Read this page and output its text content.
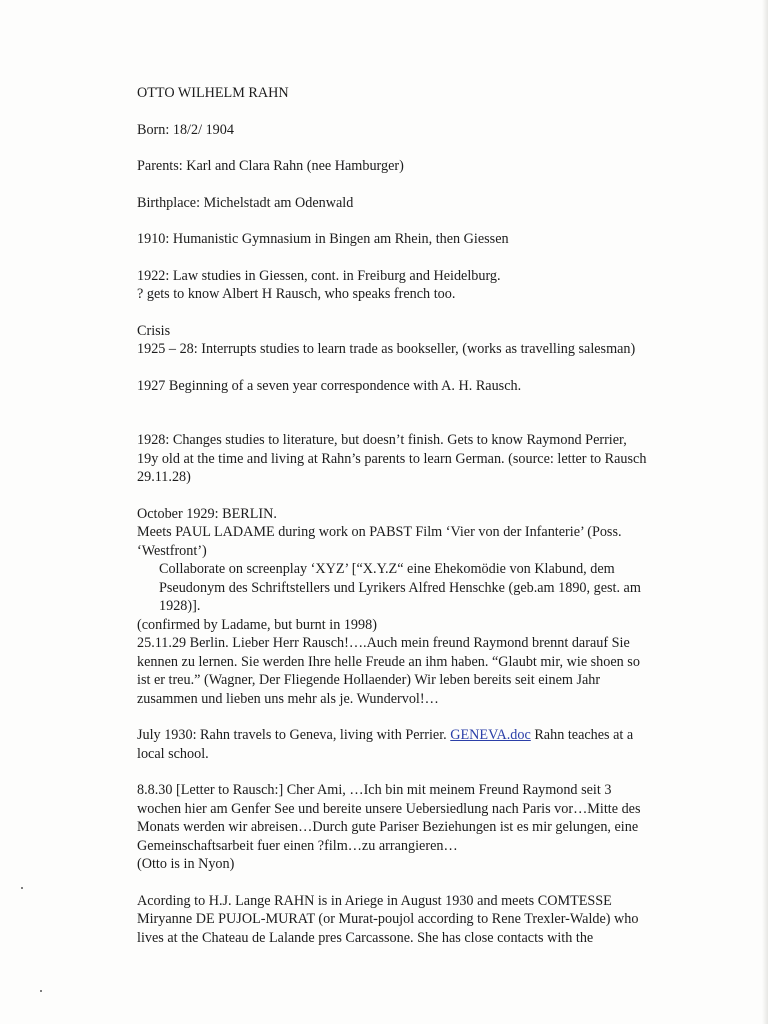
OTTO WILHELM RAHN

Born: 18/2/ 1904

Parents: Karl and Clara Rahn (nee Hamburger)

Birthplace: Michelstadt am Odenwald

1910: Humanistic Gymnasium in Bingen am Rhein, then Giessen

1922: Law studies in Giessen, cont. in Freiburg and Heidelburg.

? gets to know Albert H Rausch, who speaks french too.

Crisis

1925 – 28: Interrupts studies to learn trade as bookseller, (works as travelling salesman)

1927 Beginning of a seven year correspondence with A. H. Rausch.

1928: Changes studies to literature, but doesn’t finish. Gets to know Raymond Perrier, 19y old at the time and living at Rahn’s parents to learn German. (source: letter to Rausch 29.11.28)

October 1929: BERLIN.

Meets PAUL LADAME during work on PABST Film ‘Vier von der Infanterie’ (Poss. ‘Westfront’)

Collaborate on screenplay ‘XYZ’ [“X.Y.Z“ eine Ehekomödie von Klabund, dem Pseudonym des Schriftstellers und Lyrikers Alfred Henschke (geb.am 1890, gest. am 1928)].

(confirmed by Ladame, but burnt in 1998)

25.11.29 Berlin. Lieber Herr Rausch!….Auch mein freund Raymond brennt darauf Sie kennen zu lernen. Sie werden Ihre helle Freude an ihm haben. “Glaubt mir, wie shoen so ist er treu.” (Wagner, Der Fliegende Hollaender) Wir leben bereits seit einem Jahr zusammen und lieben uns mehr als je. Wundervol!…

July 1930: Rahn travels to Geneva, living with Perrier. GENEVA.doc Rahn teaches at a local school.

8.8.30 [Letter to Rausch:] Cher Ami, …Ich bin mit meinem Freund Raymond seit 3 wochen hier am Genfer See und bereite unsere Uebersiedlung nach Paris vor…Mitte des Monats werden wir abreisen…Durch gute Pariser Beziehungen ist es mir gelungen, eine Gemeinschaftsarbeit fuer einen ?film…zu arrangieren…

(Otto is in Nyon)

Acording to H.J. Lange RAHN is in Ariege in August 1930 and meets COMTESSE Miryanne DE PUJOL-MURAT (or Murat-poujol according to Rene Trexler-Walde) who lives at the Chateau de Lalande pres Carcassone. She has close contacts with the
